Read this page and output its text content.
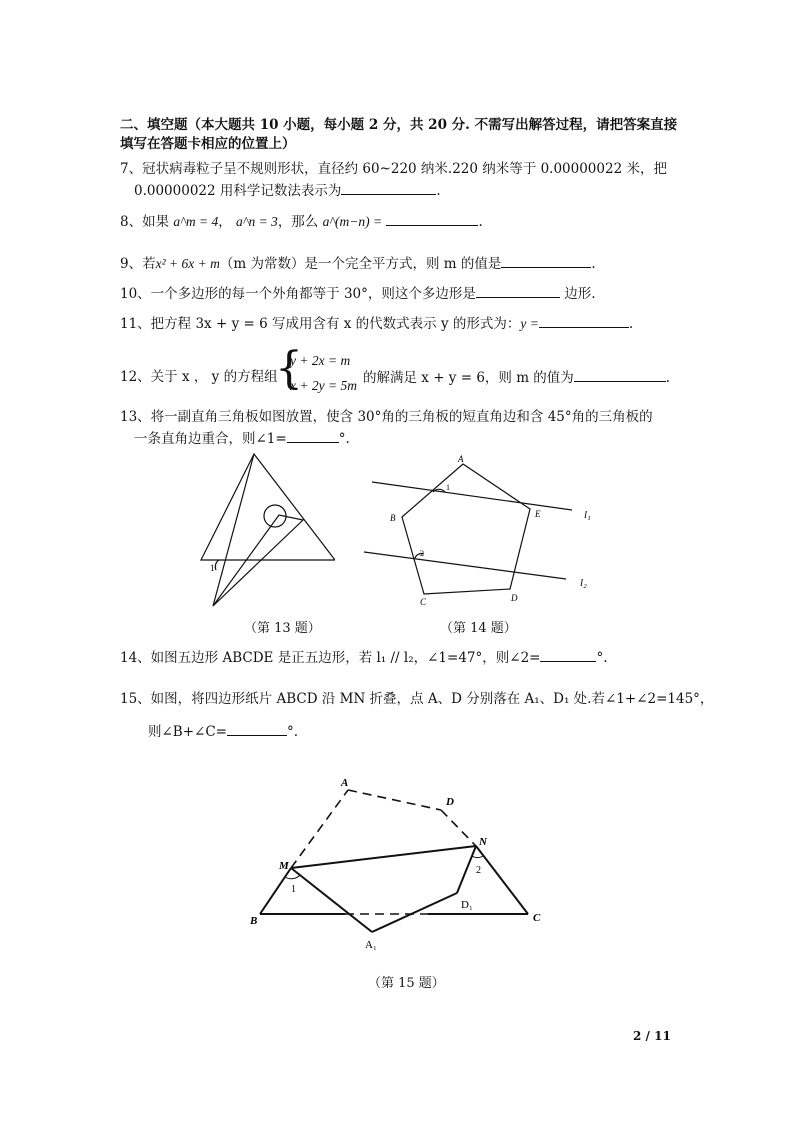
二、填空题（本大题共 10 小题，每小题 2 分，共 20 分. 不需写出解答过程，请把答案直接
填写在答题卡相应的位置上）
7、冠状病毒粒子呈不规则形状，直径约 60~220 纳米.220 纳米等于 0.00000022 米，把
0.00000022 用科学记数法表示为	.
8、如果 a^m = 4， a^n = 3，那么 a^(m−n) =	.
9、若x² + 6x + m（m 为常数）是一个完全平方式，则 m 的值是	.
10、一个多边形的每一个外角都等于 30°，则这个多边形是	边形.
11、把方程 3x + y = 6 写成用含有 x 的代数式表示 y 的形式为：y =	.
12、关于 x ， y 的方程组
{
y + 2x = m
x + 2y = 5m 的解满足 x + y = 6，则 m 的值为	.
13、将一副直角三角板如图放置，使含 30°角的三角板的短直角边和含 45°角的三角板的
一条直角边重合，则∠1=	°.
1
（第 13 题）
A
B
C	D
E	l₁
l₂
1
2
（第 14 题）
14、如图五边形 ABCDE 是正五边形，若 l₁ // l₂，∠1=47°，则∠2=	°.
15、如图，将四边形纸片 ABCD 沿 MN 折叠，点 A、D 分别落在 A₁、D₁ 处.若∠1+∠2=145°，
则∠B+∠C=	°.
A
D
M
N
B	C
A₁
D₁
1
2
（第 15 题）
2 / 11
